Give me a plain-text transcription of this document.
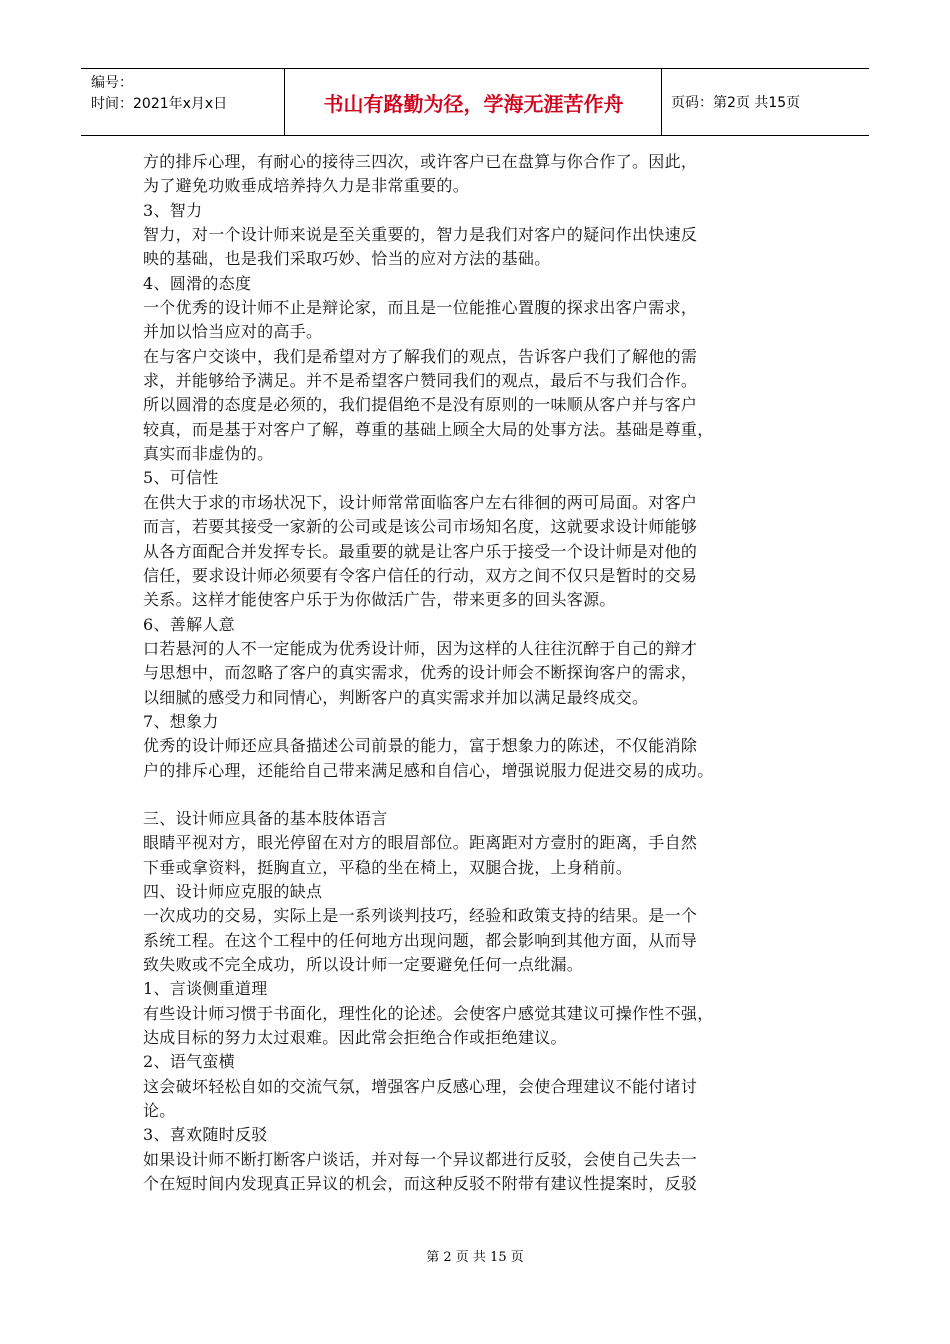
编号：
时间：2021年x月x日	书山有路勤为径，学海无涯苦作舟	页码：第2页 共15页

方的排斥心理，有耐心的接待三四次，或许客户已在盘算与你合作了。因此，

为了避免功败垂成培养持久力是非常重要的。

3、智力

智力，对一个设计师来说是至关重要的，智力是我们对客户的疑问作出快速反

映的基础，也是我们采取巧妙、恰当的应对方法的基础。

4、圆滑的态度

一个优秀的设计师不止是辩论家，而且是一位能推心置腹的探求出客户需求，

并加以恰当应对的高手。

在与客户交谈中，我们是希望对方了解我们的观点，告诉客户我们了解他的需

求，并能够给予满足。并不是希望客户赞同我们的观点，最后不与我们合作。

所以圆滑的态度是必须的，我们提倡绝不是没有原则的一味顺从客户并与客户

较真，而是基于对客户了解，尊重的基础上顾全大局的处事方法。基础是尊重，

真实而非虚伪的。

5、可信性

在供大于求的市场状况下，设计师常常面临客户左右徘徊的两可局面。对客户

而言，若要其接受一家新的公司或是该公司市场知名度，这就要求设计师能够

从各方面配合并发挥专长。最重要的就是让客户乐于接受一个设计师是对他的

信任，要求设计师必须要有令客户信任的行动，双方之间不仅只是暂时的交易

关系。这样才能使客户乐于为你做活广告，带来更多的回头客源。

6、善解人意

口若悬河的人不一定能成为优秀设计师，因为这样的人往往沉醉于自己的辩才

与思想中，而忽略了客户的真实需求，优秀的设计师会不断探询客户的需求，

以细腻的感受力和同情心，判断客户的真实需求并加以满足最终成交。

7、想象力

优秀的设计师还应具备描述公司前景的能力，富于想象力的陈述，不仅能消除

户的排斥心理，还能给自己带来满足感和自信心，增强说服力促进交易的成功。

三、设计师应具备的基本肢体语言

眼睛平视对方，眼光停留在对方的眼眉部位。距离距对方壹肘的距离，手自然

下垂或拿资料，挺胸直立，平稳的坐在椅上，双腿合拢，上身稍前。

四、设计师应克服的缺点

一次成功的交易，实际上是一系列谈判技巧，经验和政策支持的结果。是一个

系统工程。在这个工程中的任何地方出现问题，都会影响到其他方面，从而导

致失败或不完全成功，所以设计师一定要避免任何一点纰漏。

1、言谈侧重道理

有些设计师习惯于书面化，理性化的论述。会使客户感觉其建议可操作性不强，

达成目标的努力太过艰难。因此常会拒绝合作或拒绝建议。

2、语气蛮横

这会破坏轻松自如的交流气氛，增强客户反感心理，会使合理建议不能付诸讨

论。

3、喜欢随时反驳

如果设计师不断打断客户谈话，并对每一个异议都进行反驳，会使自己失去一

个在短时间内发现真正异议的机会，而这种反驳不附带有建议性提案时，反驳

第 2 页 共 15 页
